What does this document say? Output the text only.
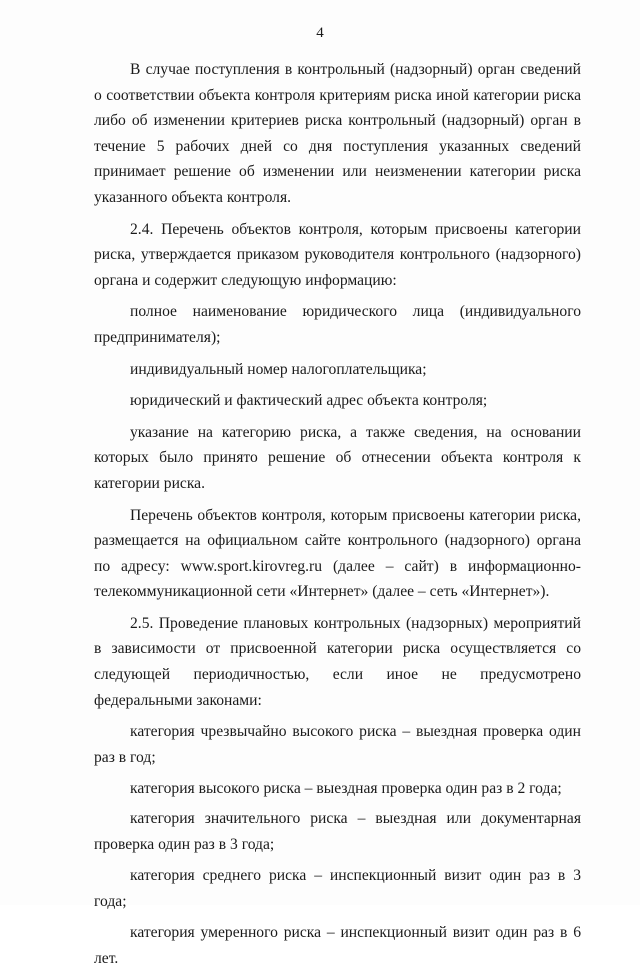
4

В случае поступления в контрольный (надзорный) орган сведений о соответствии объекта контроля критериям риска иной категории риска либо об изменении критериев риска контрольный (надзорный) орган в течение 5 рабочих дней со дня поступления указанных сведений принимает решение об изменении или неизменении категории риска указанного объекта контроля.

2.4. Перечень объектов контроля, которым присвоены категории риска, утверждается приказом руководителя контрольного (надзорного) органа и содержит следующую информацию:

полное наименование юридического лица (индивидуального предпринимателя);

индивидуальный номер налогоплательщика;

юридический и фактический адрес объекта контроля;

указание на категорию риска, а также сведения, на основании которых было принято решение об отнесении объекта контроля к категории риска.

Перечень объектов контроля, которым присвоены категории риска, размещается на официальном сайте контрольного (надзорного) органа по адресу: www.sport.kirovreg.ru (далее – сайт) в информационно-телекоммуникационной сети «Интернет» (далее – сеть «Интернет»).

2.5. Проведение плановых контрольных (надзорных) мероприятий в зависимости от присвоенной категории риска осуществляется со следующей периодичностью, если иное не предусмотрено федеральными законами:

категория чрезвычайно высокого риска – выездная проверка один раз в год;

категория высокого риска – выездная проверка один раз в 2 года;

категория значительного риска – выездная или документарная проверка один раз в 3 года;

категория среднего риска – инспекционный визит один раз в 3 года;

категория умеренного риска – инспекционный визит один раз в 6 лет.
